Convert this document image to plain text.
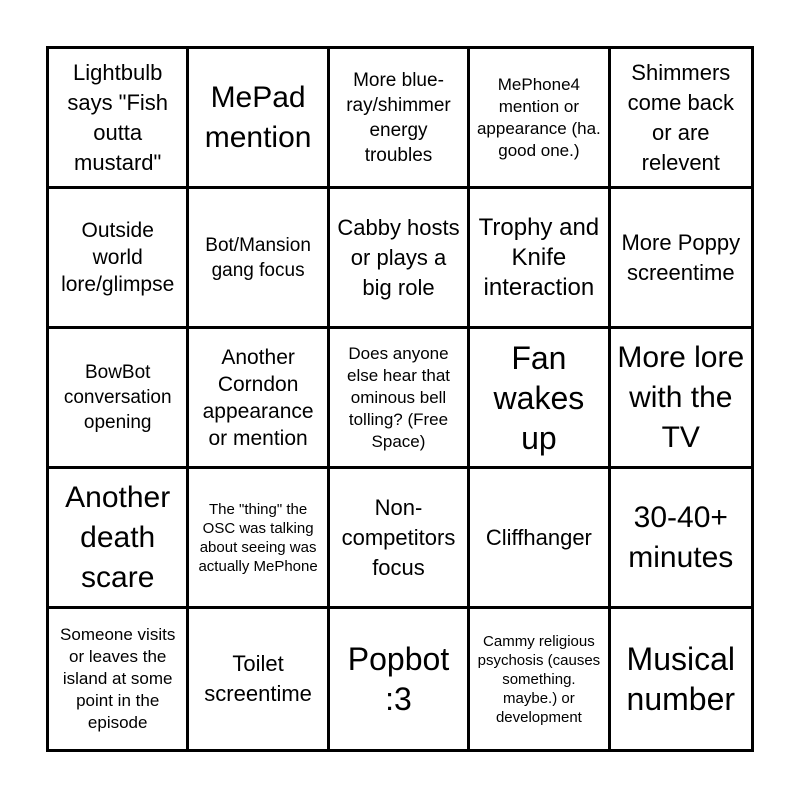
Lightbulb says "Fish outta mustard"
MePad mention
More blue-ray/shimmer energy troubles
MePhone4 mention or appearance (ha. good one.)
Shimmers come back or are relevent
Outside world lore/glimpse
Bot/Mansion gang focus
Cabby hosts or plays a big role
Trophy and Knife interaction
More Poppy screentime
BowBot conversation opening
Another Corndon appearance or mention
Does anyone else hear that ominous bell tolling? (Free Space)
Fan wakes up
More lore with the TV
Another death scare
The "thing" the OSC was talking about seeing was actually MePhone
Non-competitors focus
Cliffhanger
30-40+ minutes
Someone visits or leaves the island at some point in the episode
Toilet screentime
Popbot :3
Cammy religious psychosis (causes something. maybe.) or development
Musical number
